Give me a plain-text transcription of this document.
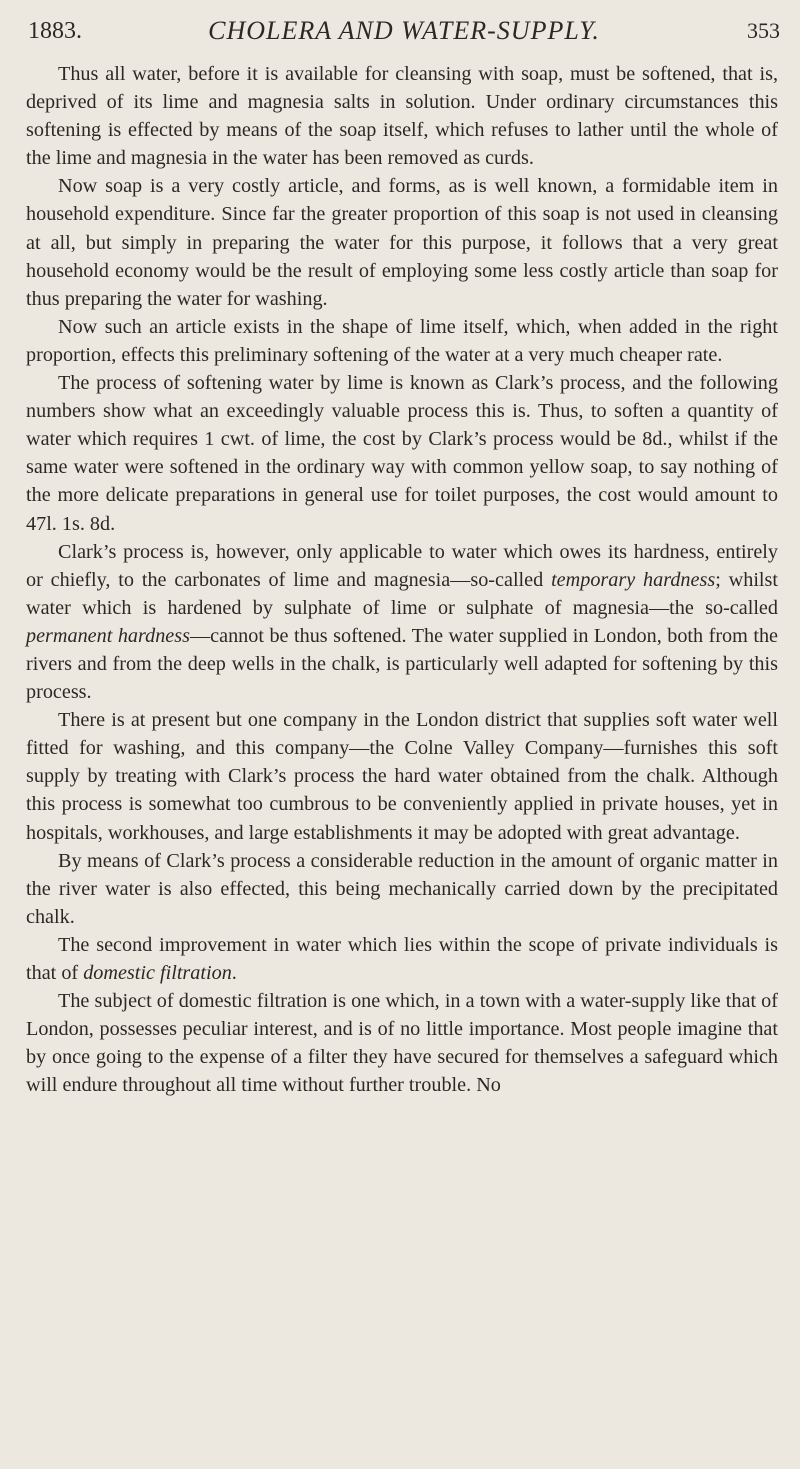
1883.	CHOLERA AND WATER-SUPPLY.	353

Thus all water, before it is available for cleansing with soap, must be softened, that is, deprived of its lime and magnesia salts in solution. Under ordinary circumstances this softening is effected by means of the soap itself, which refuses to lather until the whole of the lime and magnesia in the water has been removed as curds.

Now soap is a very costly article, and forms, as is well known, a formidable item in household expenditure. Since far the greater proportion of this soap is not used in cleansing at all, but simply in preparing the water for this purpose, it follows that a very great household economy would be the result of employing some less costly article than soap for thus preparing the water for washing.

Now such an article exists in the shape of lime itself, which, when added in the right proportion, effects this preliminary softening of the water at a very much cheaper rate.

The process of softening water by lime is known as Clark’s process, and the following numbers show what an exceedingly valuable process this is. Thus, to soften a quantity of water which requires 1 cwt. of lime, the cost by Clark’s process would be 8d., whilst if the same water were softened in the ordinary way with common yellow soap, to say nothing of the more delicate preparations in general use for toilet purposes, the cost would amount to 47l. 1s. 8d.

Clark’s process is, however, only applicable to water which owes its hardness, entirely or chiefly, to the carbonates of lime and magnesia—so-called temporary hardness; whilst water which is hardened by sulphate of lime or sulphate of magnesia—the so-called permanent hardness—cannot be thus softened. The water supplied in London, both from the rivers and from the deep wells in the chalk, is particularly well adapted for softening by this process.

There is at present but one company in the London district that supplies soft water well fitted for washing, and this company—the Colne Valley Company—furnishes this soft supply by treating with Clark’s process the hard water obtained from the chalk. Although this process is somewhat too cumbrous to be conveniently applied in private houses, yet in hospitals, workhouses, and large establishments it may be adopted with great advantage.

By means of Clark’s process a considerable reduction in the amount of organic matter in the river water is also effected, this being mechanically carried down by the precipitated chalk.

The second improvement in water which lies within the scope of private individuals is that of domestic filtration.

The subject of domestic filtration is one which, in a town with a water-supply like that of London, possesses peculiar interest, and is of no little importance. Most people imagine that by once going to the expense of a filter they have secured for themselves a safeguard which will endure throughout all time without further trouble. No
